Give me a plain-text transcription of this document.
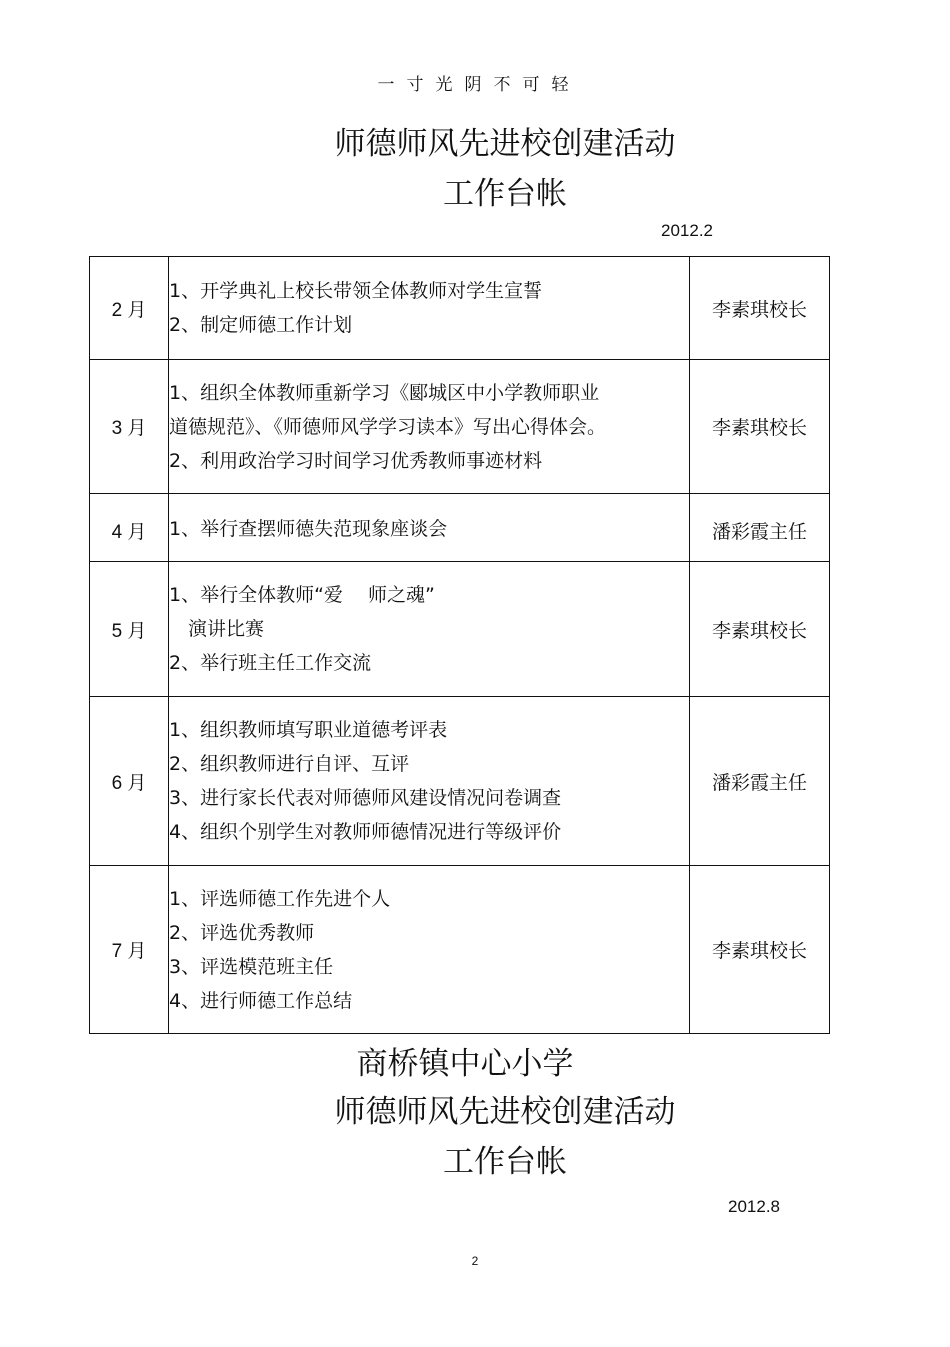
一寸光阴不可轻
师德师风先进校创建活动
工作台帐
2012.2
2 月	1、开学典礼上校长带领全体教师对学生宣誓
2、制定师德工作计划	李素琪校长
3 月	1、组织全体教师重新学习《郾城区中小学教师职业
道德规范》、《师德师风学学习读本》写出心得体会。
2、利用政治学习时间学习优秀教师事迹材料	李素琪校长
4 月	1、举行查摆师德失范现象座谈会	潘彩霞主任
5 月	1、举行全体教师“爱　 师之魂”
　演讲比赛
2、举行班主任工作交流	李素琪校长
6 月	1、组织教师填写职业道德考评表
2、组织教师进行自评、互评
3、进行家长代表对师德师风建设情况问卷调查
4、组织个别学生对教师师德情况进行等级评价	潘彩霞主任
7 月	1、评选师德工作先进个人
2、评选优秀教师
3、评选模范班主任
4、进行师德工作总结	李素琪校长
商桥镇中心小学
师德师风先进校创建活动
工作台帐
2012.8
2
